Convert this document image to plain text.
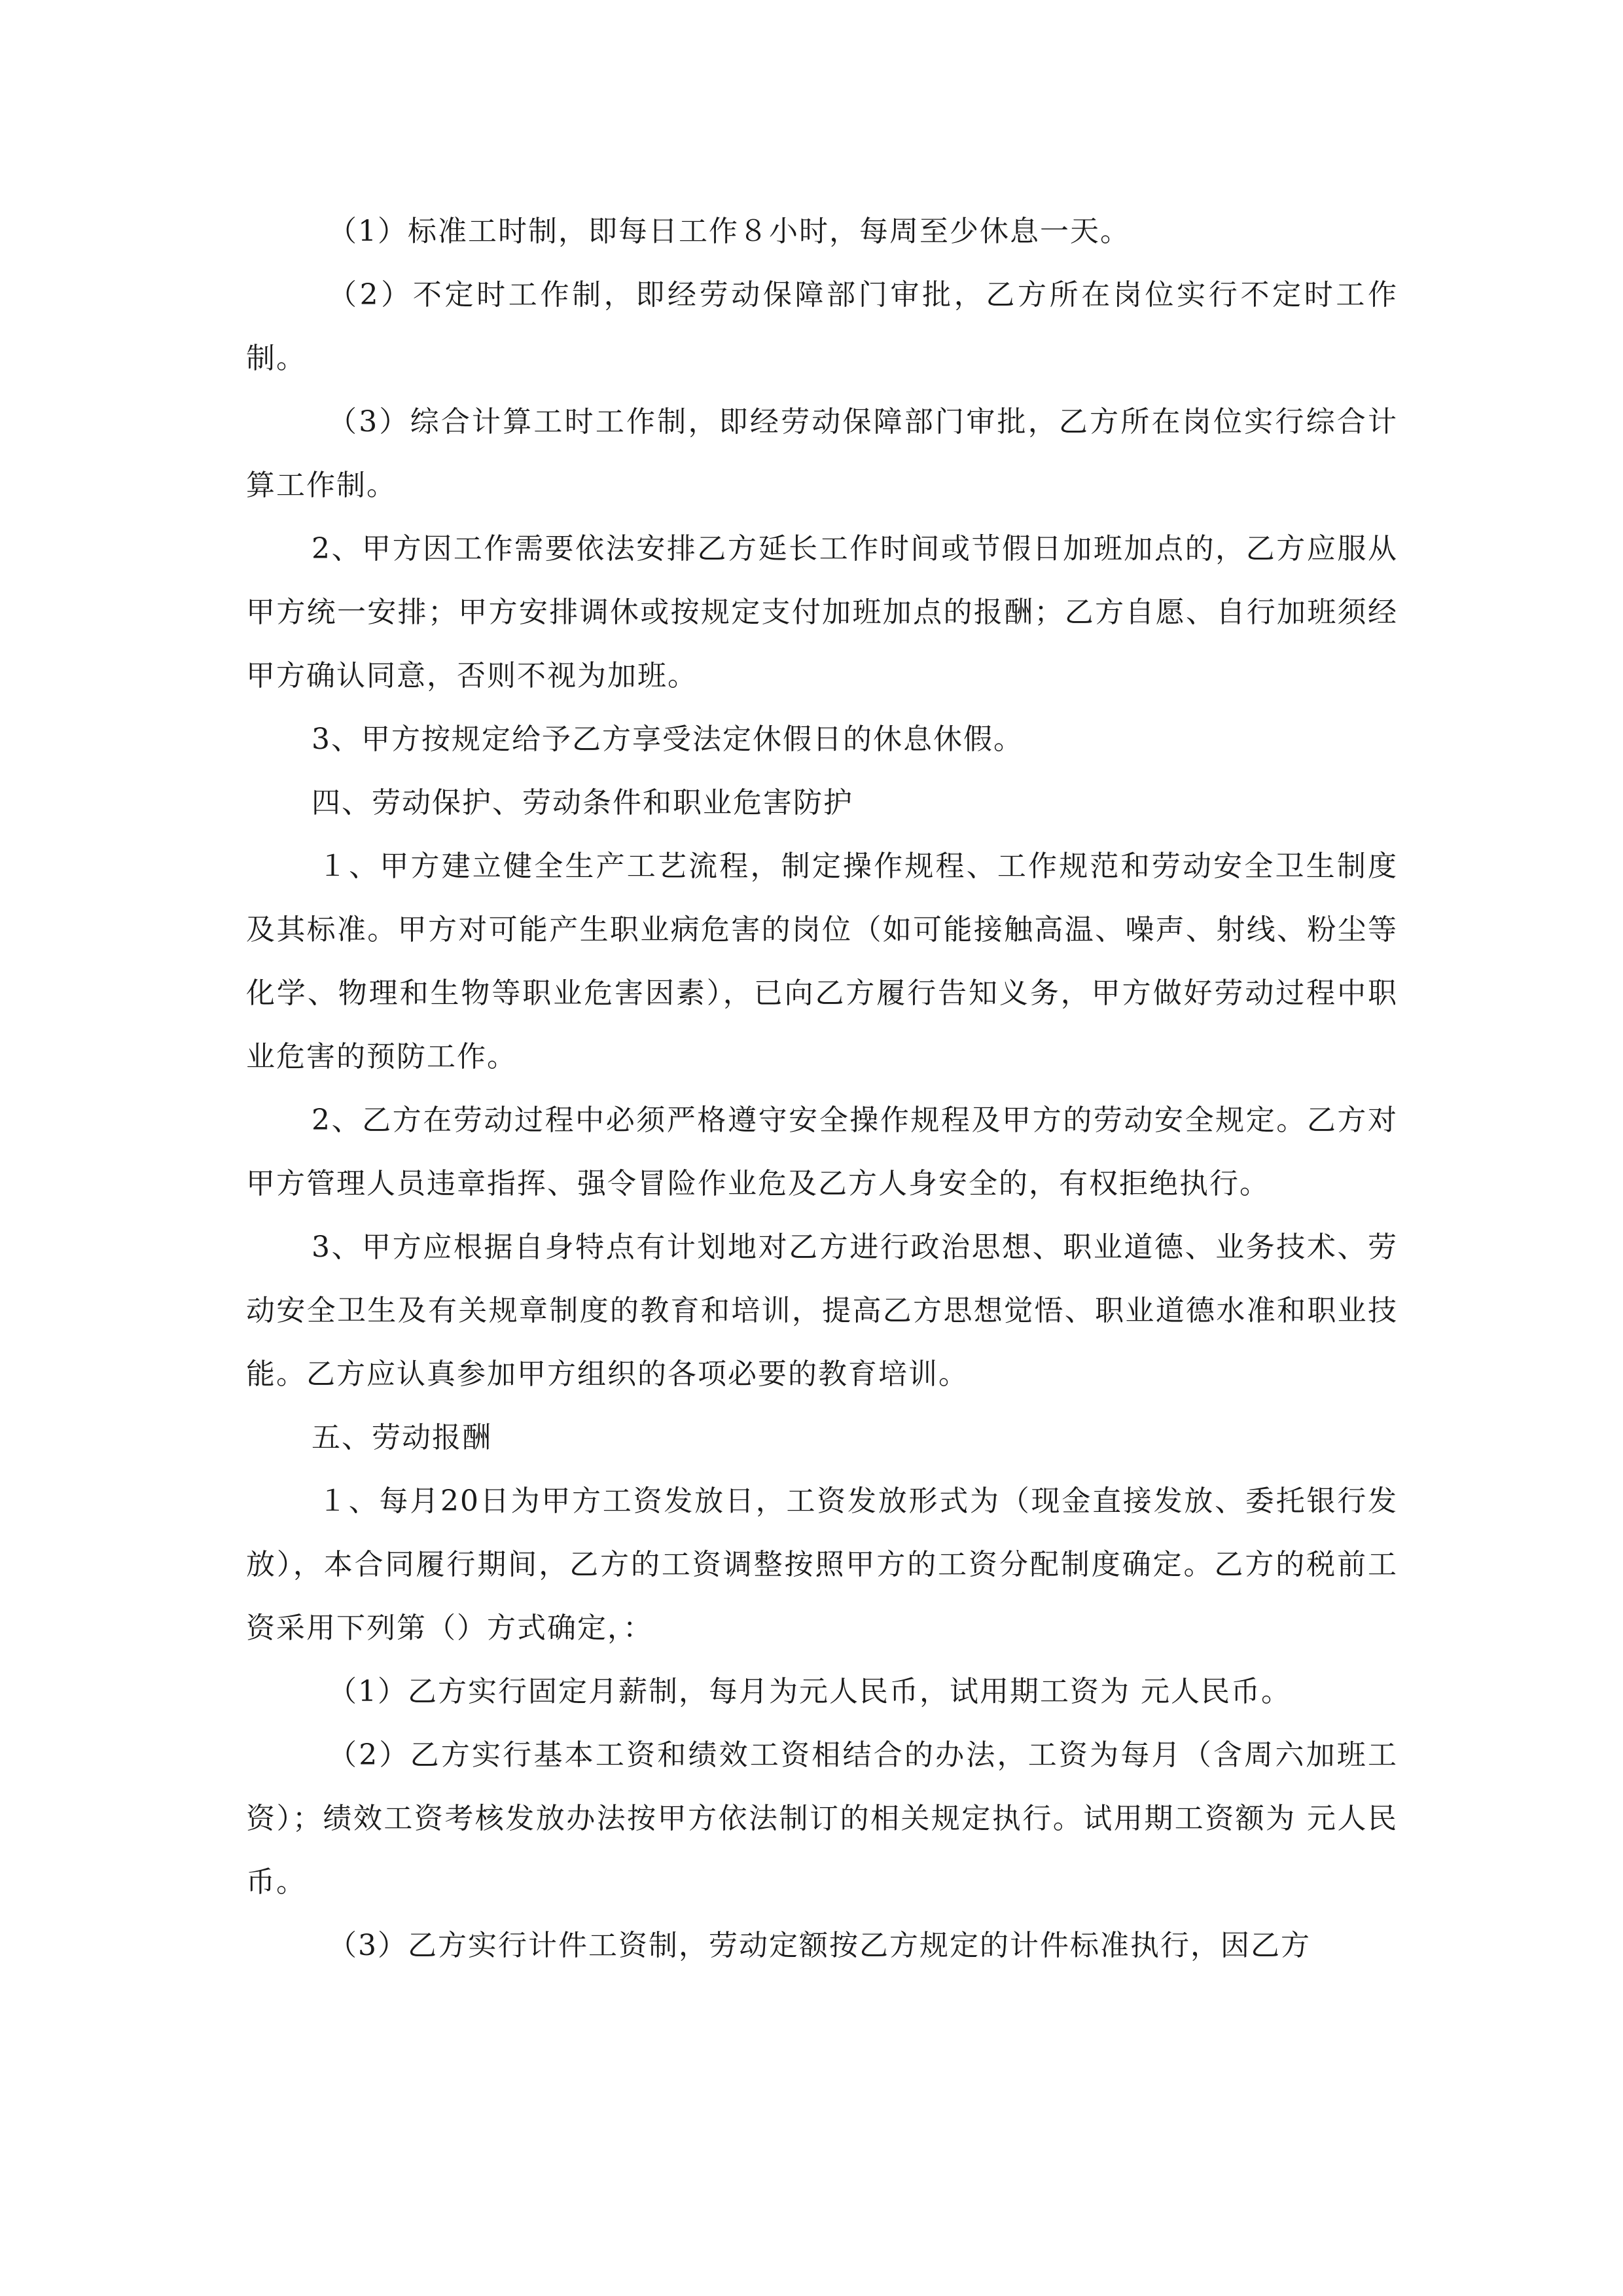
（1）标准工时制，即每日工作８小时，每周至少休息一天。

（2）不定时工作制，即经劳动保障部门审批，乙方所在岗位实行不定时工作制。

（3）综合计算工时工作制，即经劳动保障部门审批，乙方所在岗位实行综合计算工作制。

2、甲方因工作需要依法安排乙方延长工作时间或节假日加班加点的，乙方应服从甲方统一安排；甲方安排调休或按规定支付加班加点的报酬；乙方自愿、自行加班须经甲方确认同意，否则不视为加班。

3、甲方按规定给予乙方享受法定休假日的休息休假。

四、劳动保护、劳动条件和职业危害防护

１、甲方建立健全生产工艺流程，制定操作规程、工作规范和劳动安全卫生制度及其标准。甲方对可能产生职业病危害的岗位（如可能接触高温、噪声、射线、粉尘等化学、物理和生物等职业危害因素），已向乙方履行告知义务，甲方做好劳动过程中职业危害的预防工作。

2、乙方在劳动过程中必须严格遵守安全操作规程及甲方的劳动安全规定。乙方对甲方管理人员违章指挥、强令冒险作业危及乙方人身安全的，有权拒绝执行。

3、甲方应根据自身特点有计划地对乙方进行政治思想、职业道德、业务技术、劳动安全卫生及有关规章制度的教育和培训，提高乙方思想觉悟、职业道德水准和职业技能。乙方应认真参加甲方组织的各项必要的教育培训。

五、劳动报酬

１、每月20日为甲方工资发放日，工资发放形式为（现金直接发放、委托银行发放），本合同履行期间，乙方的工资调整按照甲方的工资分配制度确定。乙方的税前工资采用下列第（）方式确定，：

（1）乙方实行固定月薪制，每月为元人民币，试用期工资为 元人民币。

（2）乙方实行基本工资和绩效工资相结合的办法，工资为每月（含周六加班工资）；绩效工资考核发放办法按甲方依法制订的相关规定执行。试用期工资额为 元人民币。

（3）乙方实行计件工资制，劳动定额按乙方规定的计件标准执行，因乙方
